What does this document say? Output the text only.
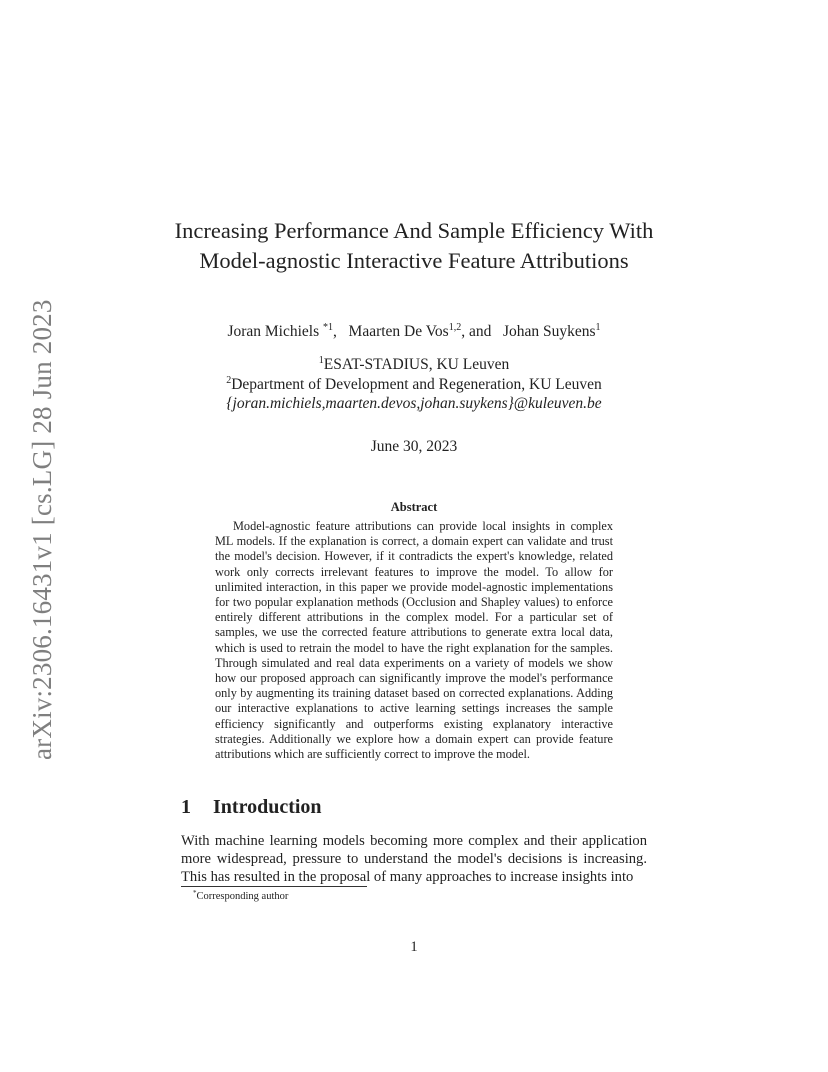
arXiv:2306.16431v1 [cs.LG] 28 Jun 2023
Increasing Performance And Sample Efficiency With Model-agnostic Interactive Feature Attributions
Joran Michiels $^{*1}$,   Maarten De Vos$^{1,2}$, and Johan Suykens$^1$
$^1$ESAT-STADIUS, KU Leuven
$^2$Department of Development and Regeneration, KU Leuven
{joran.michiels,maarten.devos,johan.suykens}@kuleuven.be
June 30, 2023
Abstract
Model-agnostic feature attributions can provide local insights in complex ML models. If the explanation is correct, a domain expert can validate and trust the model's decision. However, if it contradicts the expert's knowledge, related work only corrects irrelevant features to improve the model. To allow for unlimited interaction, in this paper we provide model-agnostic implementations for two popular explanation methods (Occlusion and Shapley values) to enforce entirely different attributions in the complex model. For a particular set of samples, we use the corrected feature attributions to generate extra local data, which is used to retrain the model to have the right explanation for the samples. Through simulated and real data experiments on a variety of models we show how our proposed approach can significantly improve the model's performance only by augmenting its training dataset based on corrected explanations. Adding our interactive explanations to active learning settings increases the sample efficiency significantly and outperforms existing explanatory interactive strategies. Additionally we explore how a domain expert can provide feature attributions which are sufficiently correct to improve the model.
1 Introduction
With machine learning models becoming more complex and their application more widespread, pressure to understand the model's decisions is increasing. This has resulted in the proposal of many approaches to increase insights into
*Corresponding author
1
